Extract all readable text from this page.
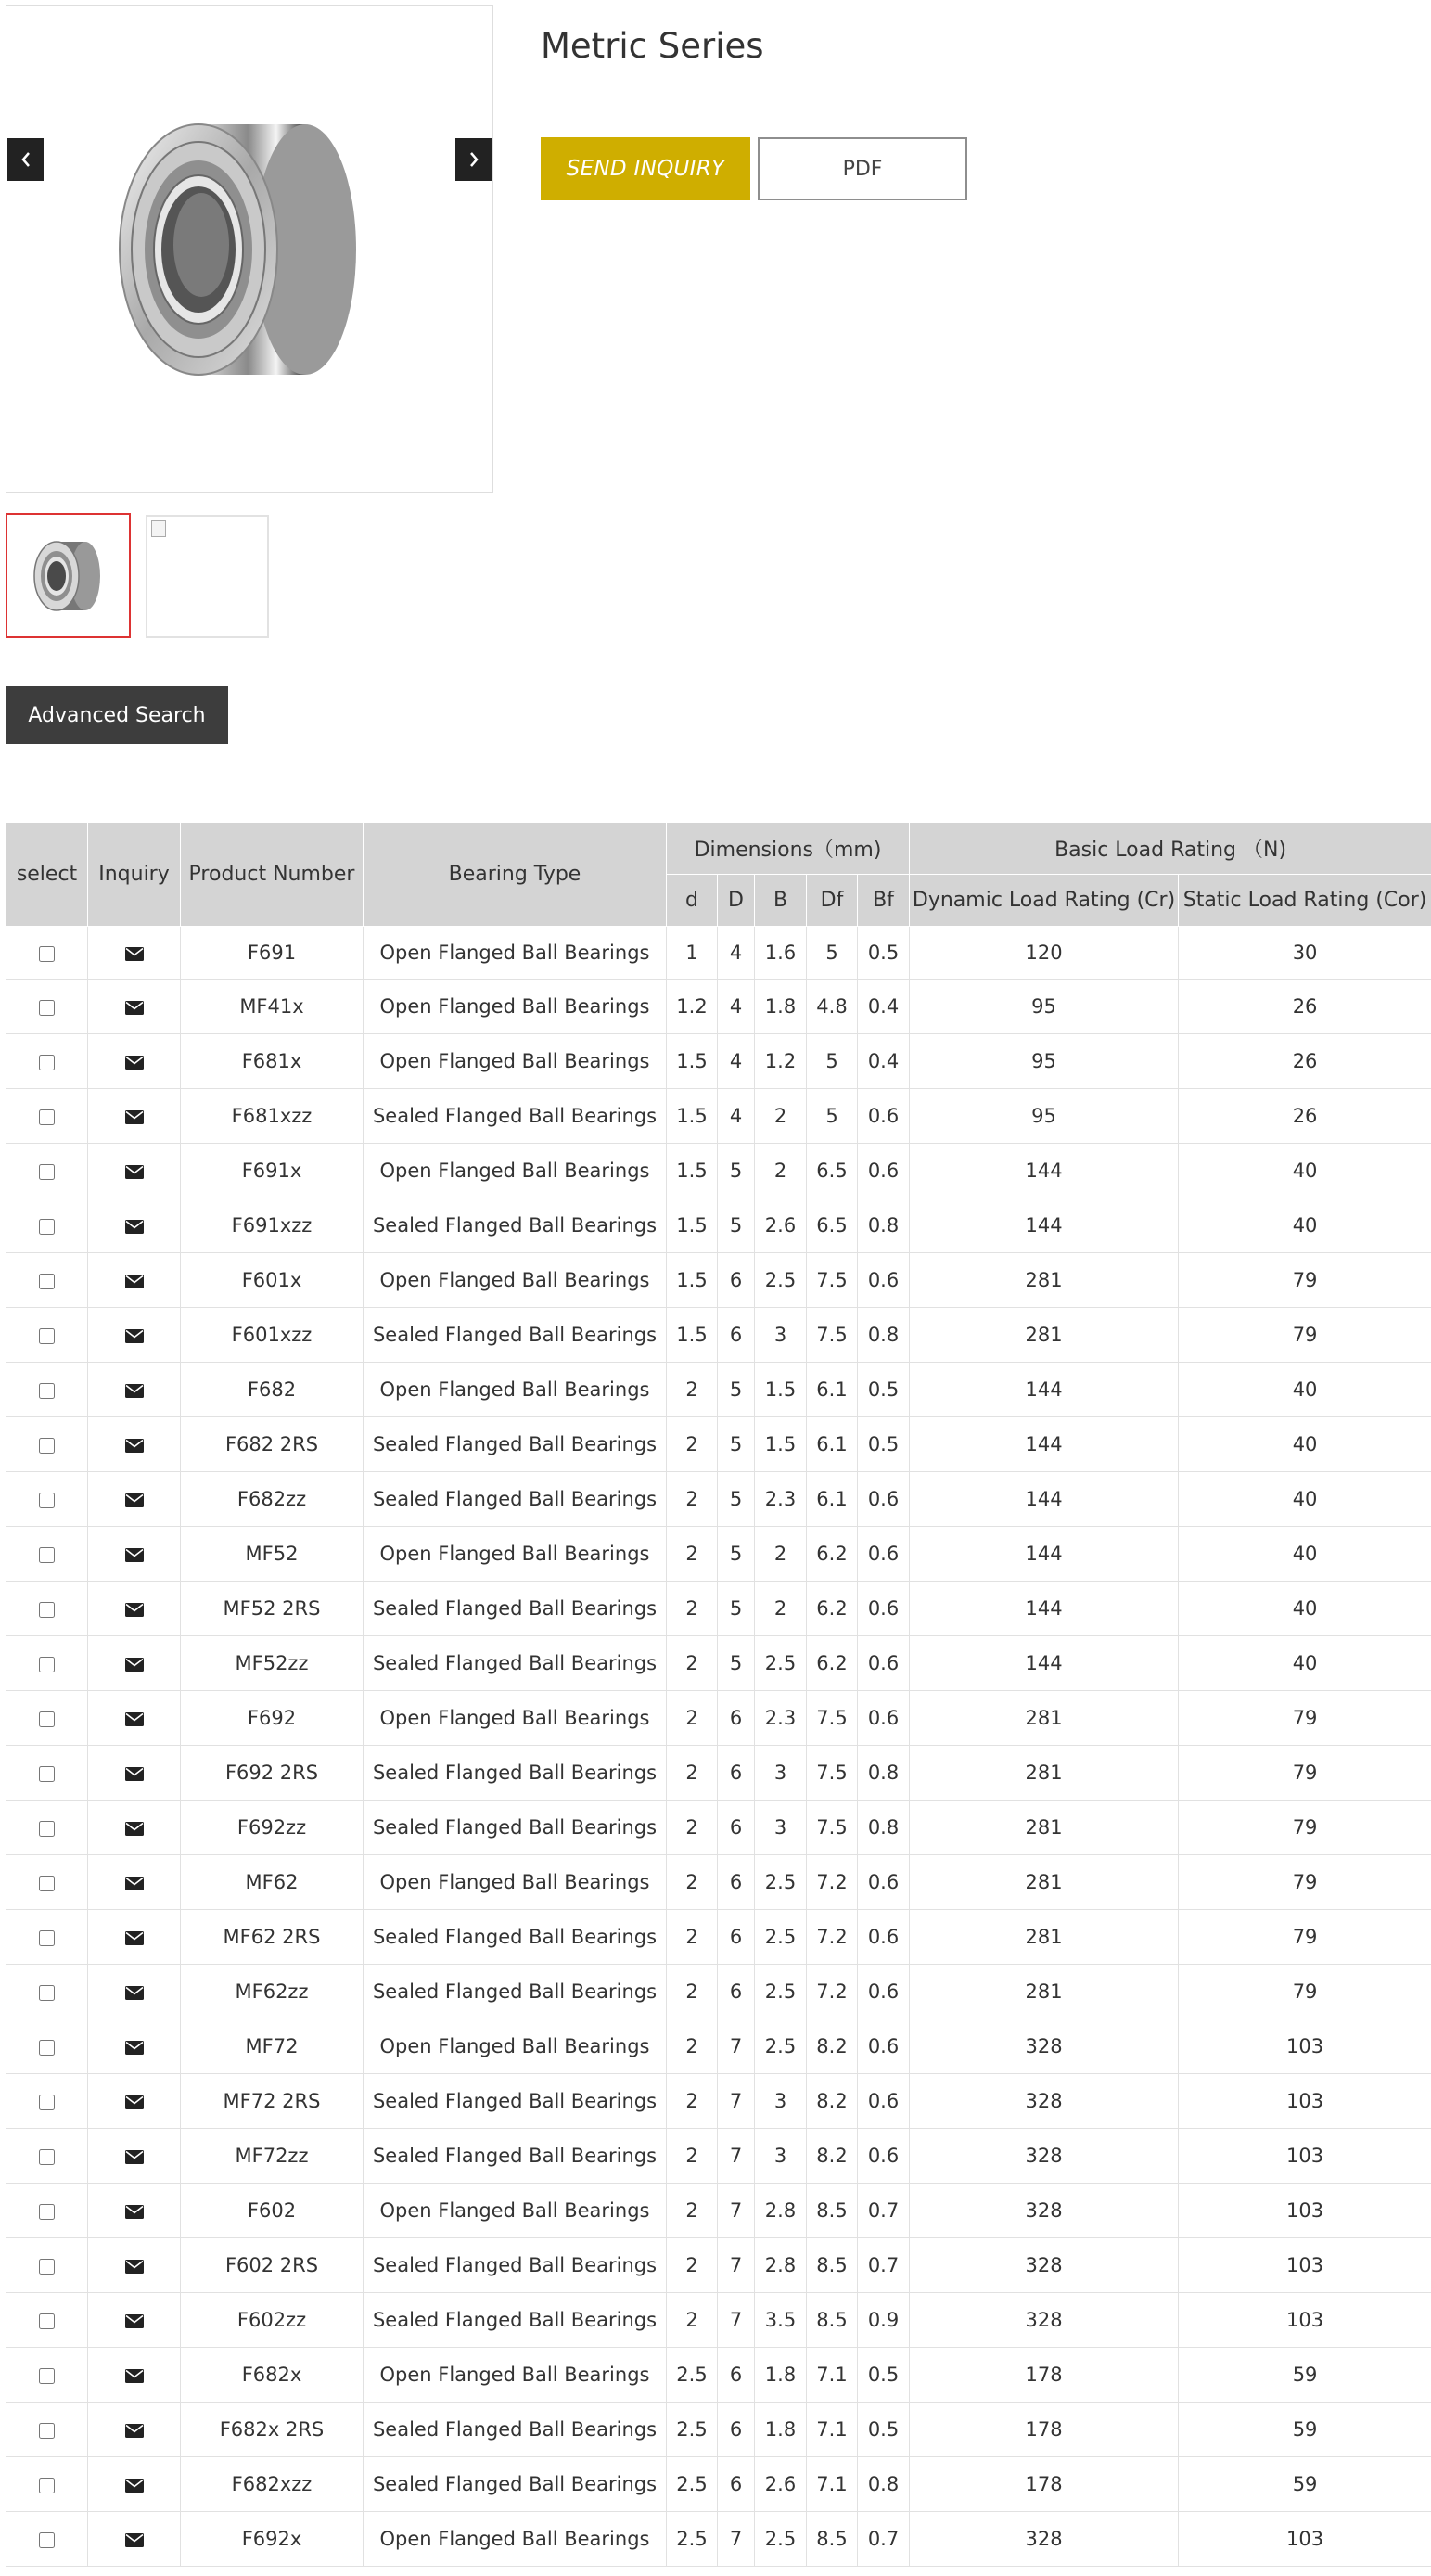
Metric Series
SEND INQUIRY	PDF
Advanced Search
select	Inquiry	Product Number	Bearing Type	Dimensions（mm)					Basic Load Rating （N)	
				d	D	B	Df	Bf	Dynamic Load Rating (Cr)	Static Load Rating (Cor)
		F691	Open Flanged Ball Bearings	1	4	1.6	5	0.5	120	30
		MF41x	Open Flanged Ball Bearings	1.2	4	1.8	4.8	0.4	95	26
		F681x	Open Flanged Ball Bearings	1.5	4	1.2	5	0.4	95	26
		F681xzz	Sealed Flanged Ball Bearings	1.5	4	2	5	0.6	95	26
		F691x	Open Flanged Ball Bearings	1.5	5	2	6.5	0.6	144	40
		F691xzz	Sealed Flanged Ball Bearings	1.5	5	2.6	6.5	0.8	144	40
		F601x	Open Flanged Ball Bearings	1.5	6	2.5	7.5	0.6	281	79
		F601xzz	Sealed Flanged Ball Bearings	1.5	6	3	7.5	0.8	281	79
		F682	Open Flanged Ball Bearings	2	5	1.5	6.1	0.5	144	40
		F682 2RS	Sealed Flanged Ball Bearings	2	5	1.5	6.1	0.5	144	40
		F682zz	Sealed Flanged Ball Bearings	2	5	2.3	6.1	0.6	144	40
		MF52	Open Flanged Ball Bearings	2	5	2	6.2	0.6	144	40
		MF52 2RS	Sealed Flanged Ball Bearings	2	5	2	6.2	0.6	144	40
		MF52zz	Sealed Flanged Ball Bearings	2	5	2.5	6.2	0.6	144	40
		F692	Open Flanged Ball Bearings	2	6	2.3	7.5	0.6	281	79
		F692 2RS	Sealed Flanged Ball Bearings	2	6	3	7.5	0.8	281	79
		F692zz	Sealed Flanged Ball Bearings	2	6	3	7.5	0.8	281	79
		MF62	Open Flanged Ball Bearings	2	6	2.5	7.2	0.6	281	79
		MF62 2RS	Sealed Flanged Ball Bearings	2	6	2.5	7.2	0.6	281	79
		MF62zz	Sealed Flanged Ball Bearings	2	6	2.5	7.2	0.6	281	79
		MF72	Open Flanged Ball Bearings	2	7	2.5	8.2	0.6	328	103
		MF72 2RS	Sealed Flanged Ball Bearings	2	7	3	8.2	0.6	328	103
		MF72zz	Sealed Flanged Ball Bearings	2	7	3	8.2	0.6	328	103
		F602	Open Flanged Ball Bearings	2	7	2.8	8.5	0.7	328	103
		F602 2RS	Sealed Flanged Ball Bearings	2	7	2.8	8.5	0.7	328	103
		F602zz	Sealed Flanged Ball Bearings	2	7	3.5	8.5	0.9	328	103
		F682x	Open Flanged Ball Bearings	2.5	6	1.8	7.1	0.5	178	59
		F682x 2RS	Sealed Flanged Ball Bearings	2.5	6	1.8	7.1	0.5	178	59
		F682xzz	Sealed Flanged Ball Bearings	2.5	6	2.6	7.1	0.8	178	59
		F692x	Open Flanged Ball Bearings	2.5	7	2.5	8.5	0.7	328	103
